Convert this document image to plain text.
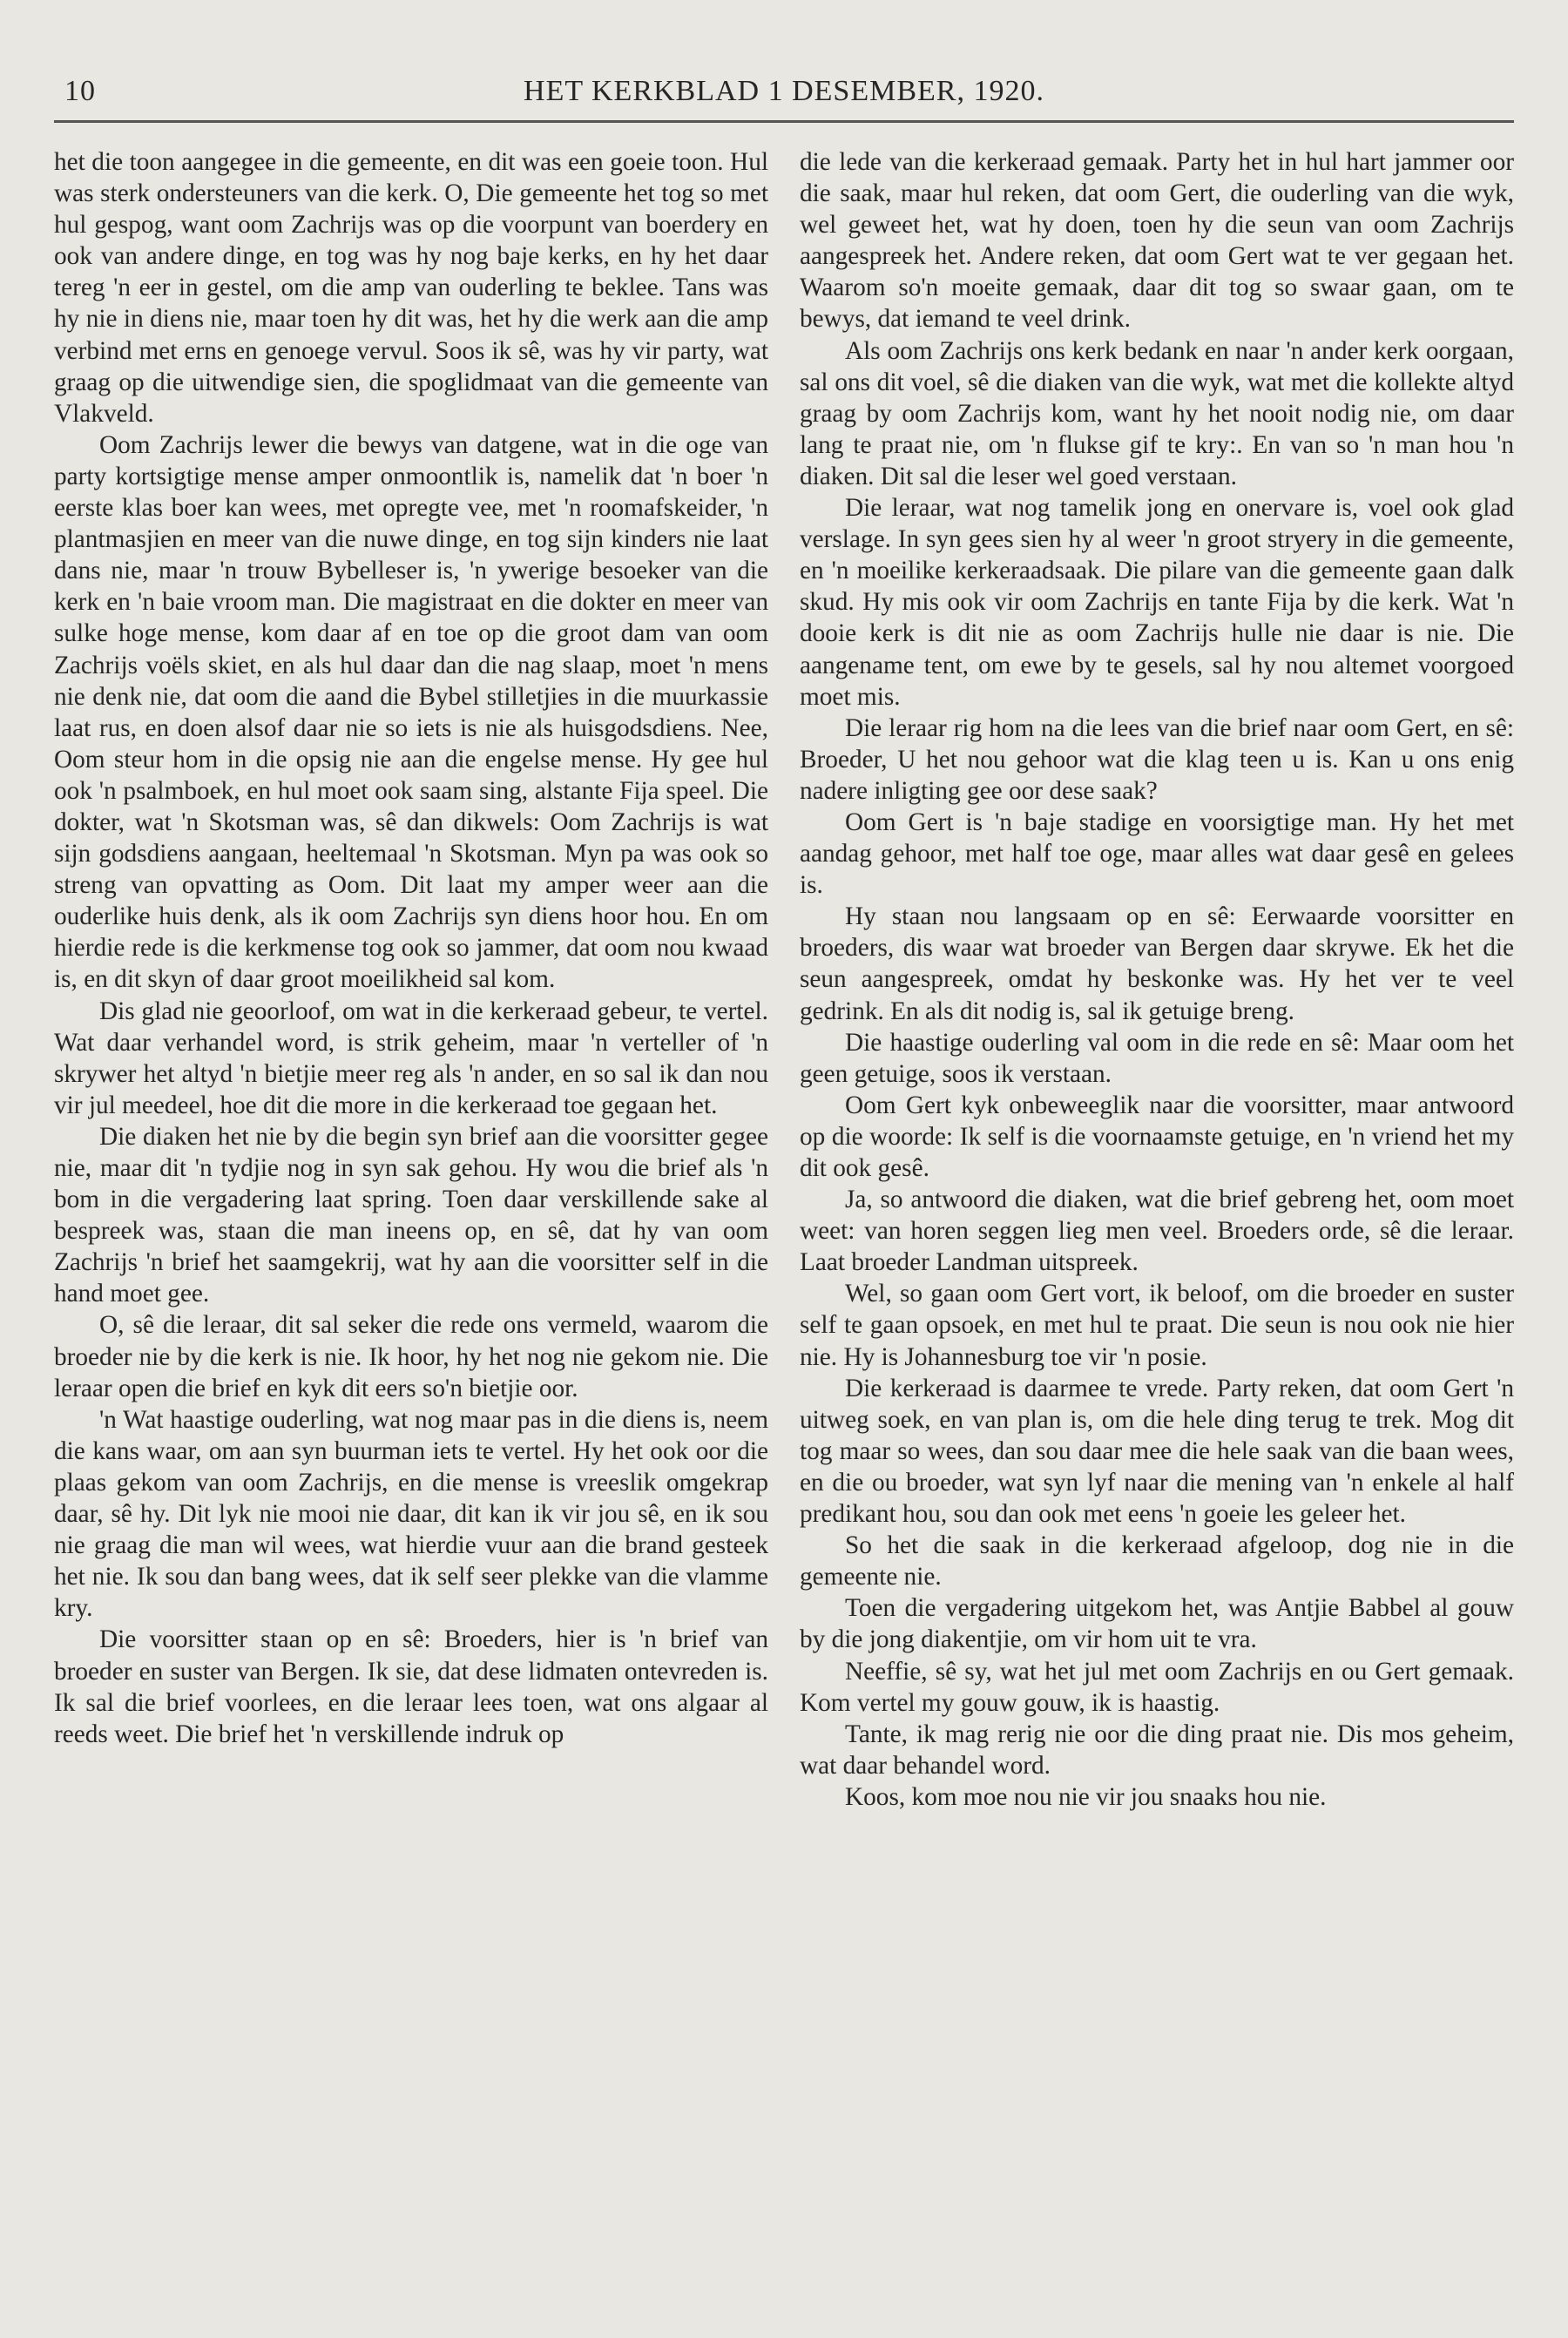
10	HET KERKBLAD 1 DESEMBER, 1920.

het die toon aangegee in die gemeente, en dit was een goeie toon. Hul was sterk ondersteuners van die kerk. O, Die gemeente het tog so met hul gespog, want oom Zachrijs was op die voorpunt van boerdery en ook van andere dinge, en tog was hy nog baje kerks, en hy het daar tereg 'n eer in gestel, om die amp van ouderling te beklee. Tans was hy nie in diens nie, maar toen hy dit was, het hy die werk aan die amp verbind met erns en genoege vervul. Soos ik sê, was hy vir party, wat graag op die uitwendige sien, die spoglidmaat van die gemeente van Vlakveld.

Oom Zachrijs lewer die bewys van datgene, wat in die oge van party kortsigtige mense amper onmoontlik is, namelik dat 'n boer 'n eerste klas boer kan wees, met opregte vee, met 'n roomafskeider, 'n plantmasjien en meer van die nuwe dinge, en tog sijn kinders nie laat dans nie, maar 'n trouw Bybelleser is, 'n ywerige besoeker van die kerk en 'n baie vroom man. Die magistraat en die dokter en meer van sulke hoge mense, kom daar af en toe op die groot dam van oom Zachrijs voëls skiet, en als hul daar dan die nag slaap, moet 'n mens nie denk nie, dat oom die aand die Bybel stilletjies in die muurkassie laat rus, en doen alsof daar nie so iets is nie als huisgodsdiens. Nee, Oom steur hom in die opsig nie aan die engelse mense. Hy gee hul ook 'n psalmboek, en hul moet ook saam sing, alstante Fija speel. Die dokter, wat 'n Skotsman was, sê dan dikwels: Oom Zachrijs is wat sijn godsdiens aangaan, heeltemaal 'n Skotsman. Myn pa was ook so streng van opvatting as Oom. Dit laat my amper weer aan die ouderlike huis denk, als ik oom Zachrijs syn diens hoor hou. En om hierdie rede is die kerkmense tog ook so jammer, dat oom nou kwaad is, en dit skyn of daar groot moeilikheid sal kom.

Dis glad nie geoorloof, om wat in die kerkeraad gebeur, te vertel. Wat daar verhandel word, is strik geheim, maar 'n verteller of 'n skrywer het altyd 'n bietjie meer reg als 'n ander, en so sal ik dan nou vir jul meedeel, hoe dit die more in die kerkeraad toe gegaan het.

Die diaken het nie by die begin syn brief aan die voorsitter gegee nie, maar dit 'n tydjie nog in syn sak gehou. Hy wou die brief als 'n bom in die vergadering laat spring. Toen daar verskillende sake al bespreek was, staan die man ineens op, en sê, dat hy van oom Zachrijs 'n brief het saamgekrij, wat hy aan die voorsitter self in die hand moet gee.

O, sê die leraar, dit sal seker die rede ons vermeld, waarom die broeder nie by die kerk is nie. Ik hoor, hy het nog nie gekom nie. Die leraar open die brief en kyk dit eers so'n bietjie oor.

'n Wat haastige ouderling, wat nog maar pas in die diens is, neem die kans waar, om aan syn buurman iets te vertel. Hy het ook oor die plaas gekom van oom Zachrijs, en die mense is vreeslik omgekrap daar, sê hy. Dit lyk nie mooi nie daar, dit kan ik vir jou sê, en ik sou nie graag die man wil wees, wat hierdie vuur aan die brand gesteek het nie. Ik sou dan bang wees, dat ik self seer plekke van die vlamme kry.

Die voorsitter staan op en sê: Broeders, hier is 'n brief van broeder en suster van Bergen. Ik sie, dat dese lidmaten ontevreden is. Ik sal die brief voorlees, en die leraar lees toen, wat ons algaar al reeds weet. Die brief het 'n verskillende indruk op

die lede van die kerkeraad gemaak. Party het in hul hart jammer oor die saak, maar hul reken, dat oom Gert, die ouderling van die wyk, wel geweet het, wat hy doen, toen hy die seun van oom Zachrijs aangespreek het. Andere reken, dat oom Gert wat te ver gegaan het. Waarom so'n moeite gemaak, daar dit tog so swaar gaan, om te bewys, dat iemand te veel drink.

Als oom Zachrijs ons kerk bedank en naar 'n ander kerk oorgaan, sal ons dit voel, sê die diaken van die wyk, wat met die kollekte altyd graag by oom Zachrijs kom, want hy het nooit nodig nie, om daar lang te praat nie, om 'n flukse gif te kry:. En van so 'n man hou 'n diaken. Dit sal die leser wel goed verstaan.

Die leraar, wat nog tamelik jong en onervare is, voel ook glad verslage. In syn gees sien hy al weer 'n groot stryery in die gemeente, en 'n moeilike kerkeraadsaak. Die pilare van die gemeente gaan dalk skud. Hy mis ook vir oom Zachrijs en tante Fija by die kerk. Wat 'n dooie kerk is dit nie as oom Zachrijs hulle nie daar is nie. Die aangename tent, om ewe by te gesels, sal hy nou altemet voorgoed moet mis.

Die leraar rig hom na die lees van die brief naar oom Gert, en sê: Broeder, U het nou gehoor wat die klag teen u is. Kan u ons enig nadere inligting gee oor dese saak?

Oom Gert is 'n baje stadige en voorsigtige man. Hy het met aandag gehoor, met half toe oge, maar alles wat daar gesê en gelees is.

Hy staan nou langsaam op en sê: Eerwaarde voorsitter en broeders, dis waar wat broeder van Bergen daar skrywe. Ek het die seun aangespreek, omdat hy beskonke was. Hy het ver te veel gedrink. En als dit nodig is, sal ik getuige breng.

Die haastige ouderling val oom in die rede en sê: Maar oom het geen getuige, soos ik verstaan.

Oom Gert kyk onbeweeglik naar die voorsitter, maar antwoord op die woorde: Ik self is die voornaamste getuige, en 'n vriend het my dit ook gesê.

Ja, so antwoord die diaken, wat die brief gebreng het, oom moet weet: van horen seggen lieg men veel. Broeders orde, sê die leraar. Laat broeder Landman uitspreek.

Wel, so gaan oom Gert vort, ik beloof, om die broeder en suster self te gaan opsoek, en met hul te praat. Die seun is nou ook nie hier nie. Hy is Johannesburg toe vir 'n posie.

Die kerkeraad is daarmee te vrede. Party reken, dat oom Gert 'n uitweg soek, en van plan is, om die hele ding terug te trek. Mog dit tog maar so wees, dan sou daar mee die hele saak van die baan wees, en die ou broeder, wat syn lyf naar die mening van 'n enkele al half predikant hou, sou dan ook met eens 'n goeie les geleer het.

So het die saak in die kerkeraad afgeloop, dog nie in die gemeente nie.

Toen die vergadering uitgekom het, was Antjie Babbel al gouw by die jong diakentjie, om vir hom uit te vra.

Neeffie, sê sy, wat het jul met oom Zachrijs en ou Gert gemaak. Kom vertel my gouw gouw, ik is haastig.

Tante, ik mag rerig nie oor die ding praat nie. Dis mos geheim, wat daar behandel word.

Koos, kom moe nou nie vir jou snaaks hou nie.
